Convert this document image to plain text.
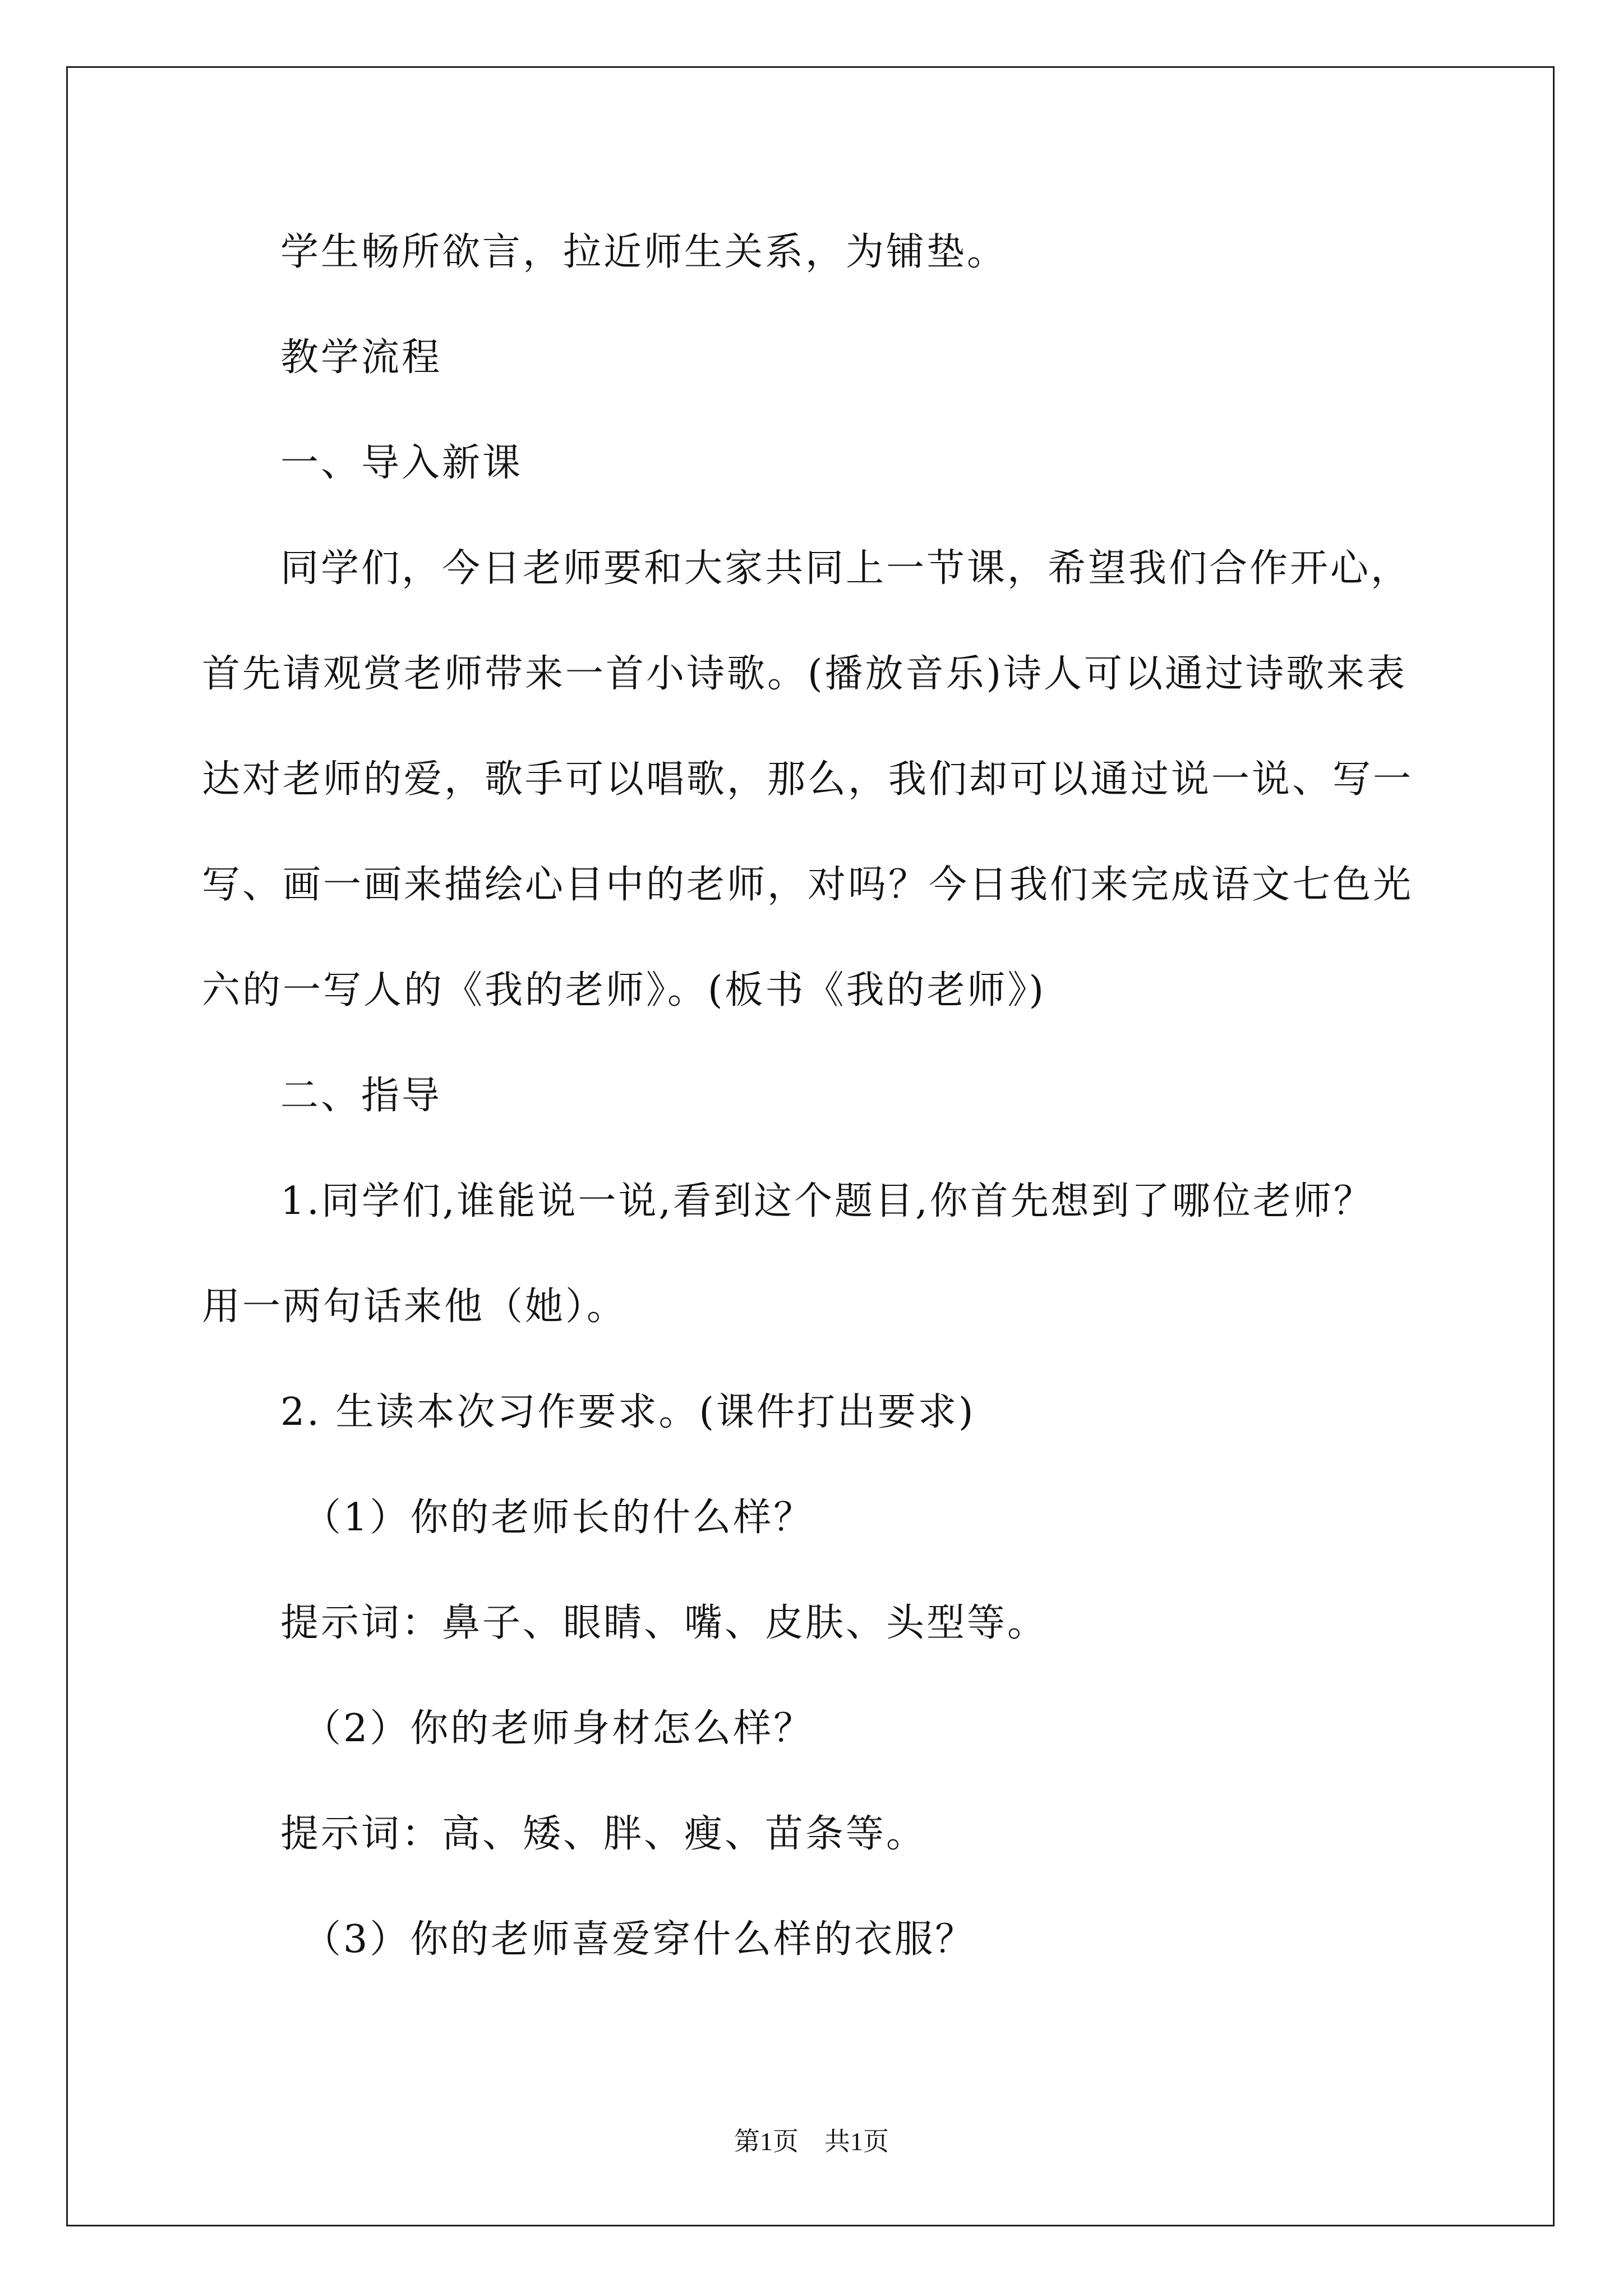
学生畅所欲言，拉近师生关系，为铺垫。
教学流程
一、导入新课
同学们，今日老师要和大家共同上一节课，希望我们合作开心，
首先请观赏老师带来一首小诗歌。(播放音乐)诗人可以通过诗歌来表
达对老师的爱，歌手可以唱歌，那么，我们却可以通过说一说、写一
写、画一画来描绘心目中的老师，对吗？今日我们来完成语文七色光
六的一写人的《我的老师》。(板书《我的老师》)
二、指导
1.同学们,谁能说一说,看到这个题目,你首先想到了哪位老师？
用一两句话来他（她）。
2. 生读本次习作要求。(课件打出要求)
（1）你的老师长的什么样？
提示词：鼻子、眼睛、嘴、皮肤、头型等。
（2）你的老师身材怎么样？
提示词：高、矮、胖、瘦、苗条等。
（3）你的老师喜爱穿什么样的衣服？
第1页　共1页
